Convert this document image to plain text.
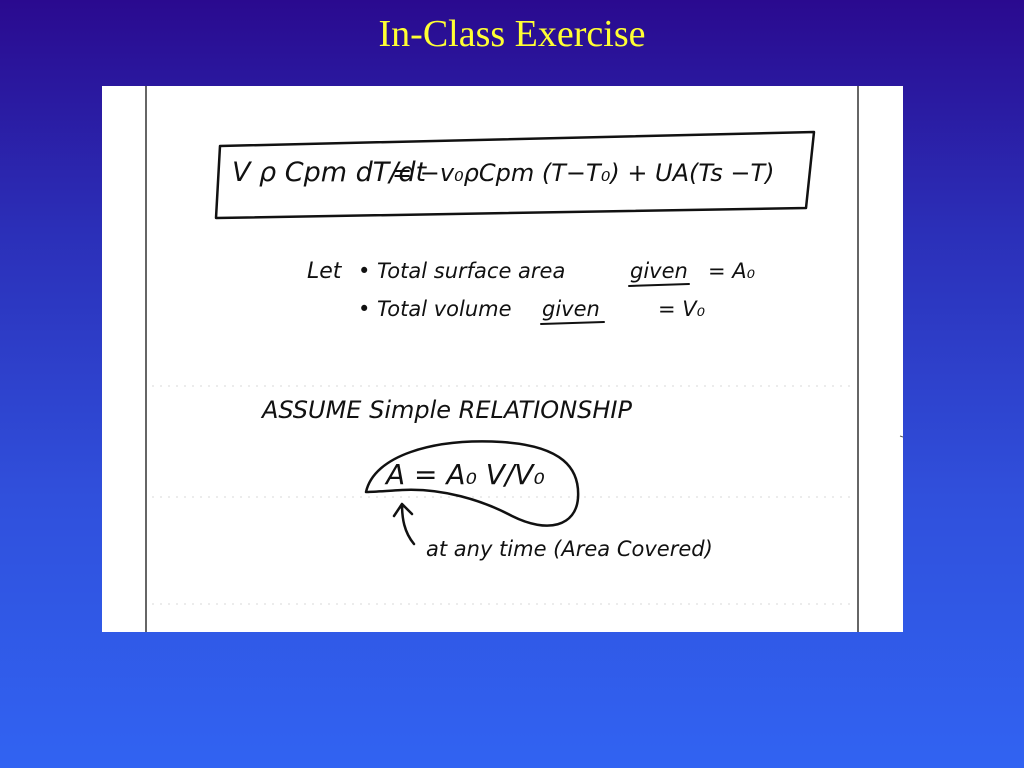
In-Class Exercise
V ρ Cpm dT/dt
= −v₀ρCpm (T−T₀) + UA(Ts −T)
Let • Total surface area	given = A₀
• Total volume given	= V₀
ASSUME Simple RELATIONSHIP
A = A₀ V/V₀
at any time (Area Covered)
